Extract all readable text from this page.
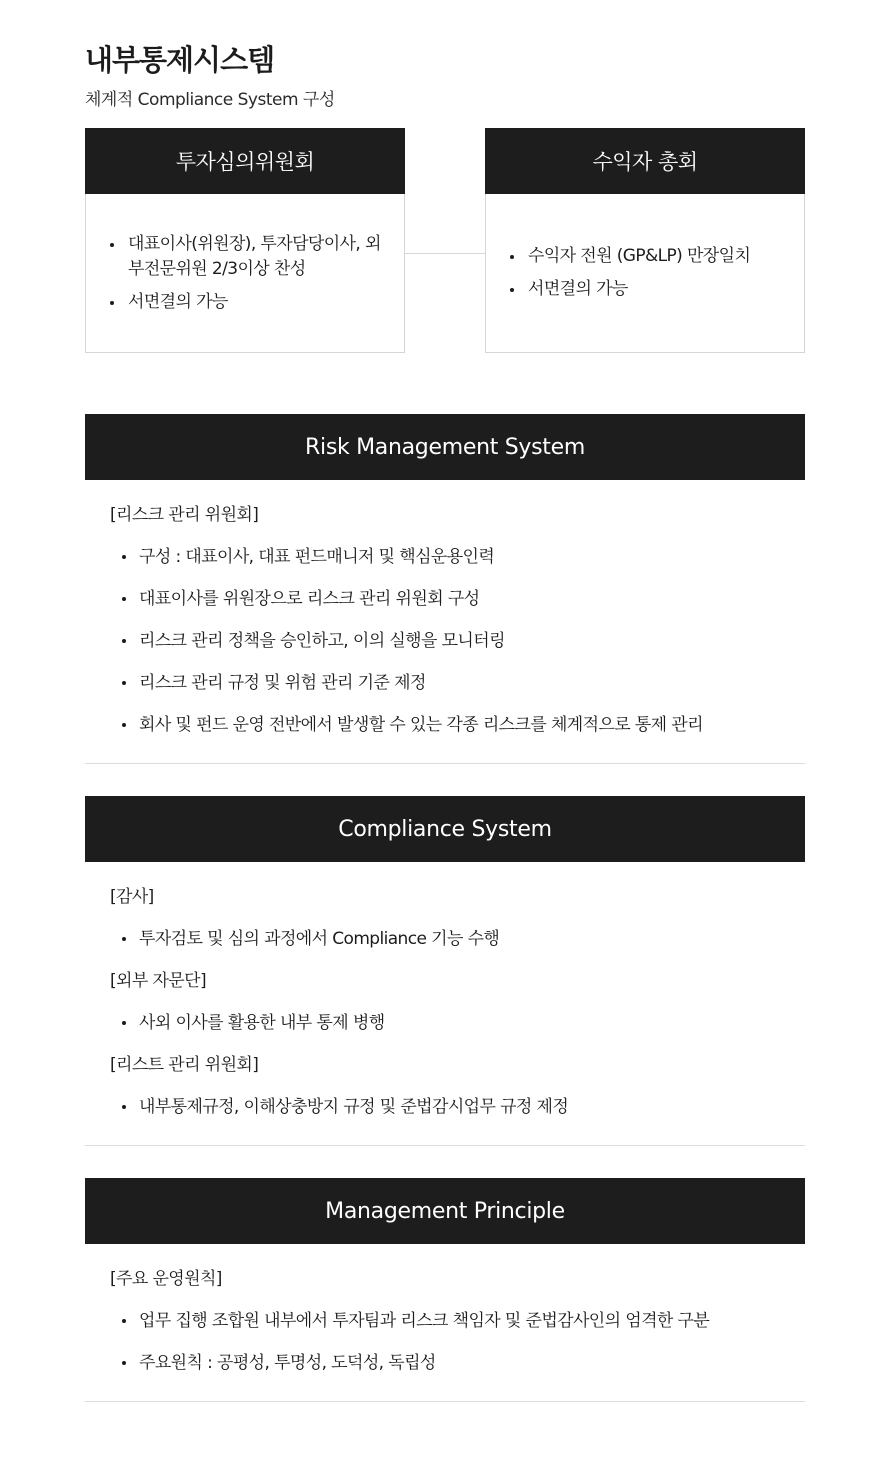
내부통제시스템
체계적 Compliance System 구성
투자심의위원회
대표이사(위원장), 투자담당이사, 외부전문위원 2/3이상 찬성
서면결의 가능
수익자 총회
수익자 전원 (GP&LP) 만장일치
서면결의 가능
Risk Management System
[리스크 관리 위원회]
구성 : 대표이사, 대표 펀드매니저 및 핵심운용인력
대표이사를 위원장으로 리스크 관리 위원회 구성
리스크 관리 정책을 승인하고, 이의 실행을 모니터링
리스크 관리 규정 및 위험 관리 기준 제정
회사 및 펀드 운영 전반에서 발생할 수 있는 각종 리스크를 체계적으로 통제 관리
Compliance System
[감사]
투자검토 및 심의 과정에서 Compliance 기능 수행
[외부 자문단]
사외 이사를 활용한 내부 통제 병행
[리스트 관리 위원회]
내부통제규정, 이해상충방지 규정 및 준법감시업무 규정 제정
Management Principle
[주요 운영원칙]
업무 집행 조합원 내부에서 투자팀과 리스크 책임자 및 준법감사인의 엄격한 구분
주요원칙 : 공평성, 투명성, 도덕성, 독립성
